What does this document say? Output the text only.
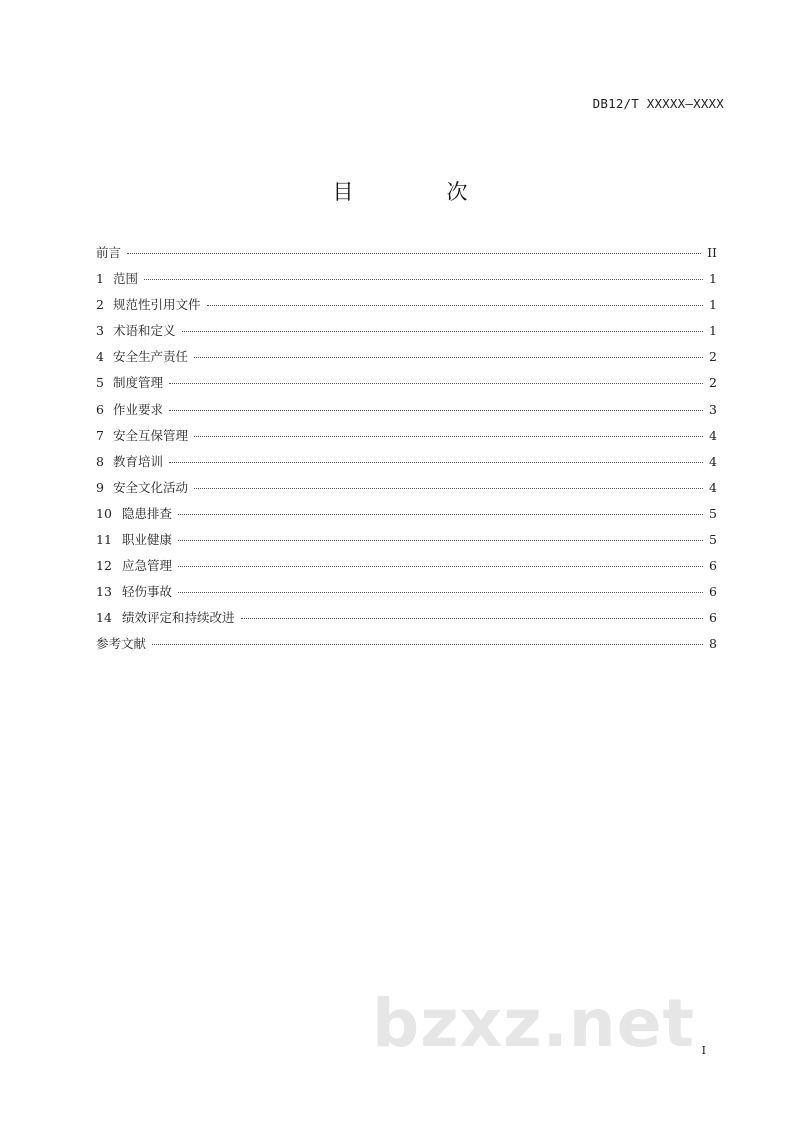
DB12/T XXXXX—XXXX
目　次
前言	II
1 范围	1
2 规范性引用文件	1
3 术语和定义	1
4 安全生产责任	2
5 制度管理	2
6 作业要求	3
7 安全互保管理	4
8 教育培训	4
9 安全文化活动	4
10 隐患排查	5
11 职业健康	5
12 应急管理	6
13 轻伤事故	6
14 绩效评定和持续改进	6
参考文献	8
bzxz.net I
